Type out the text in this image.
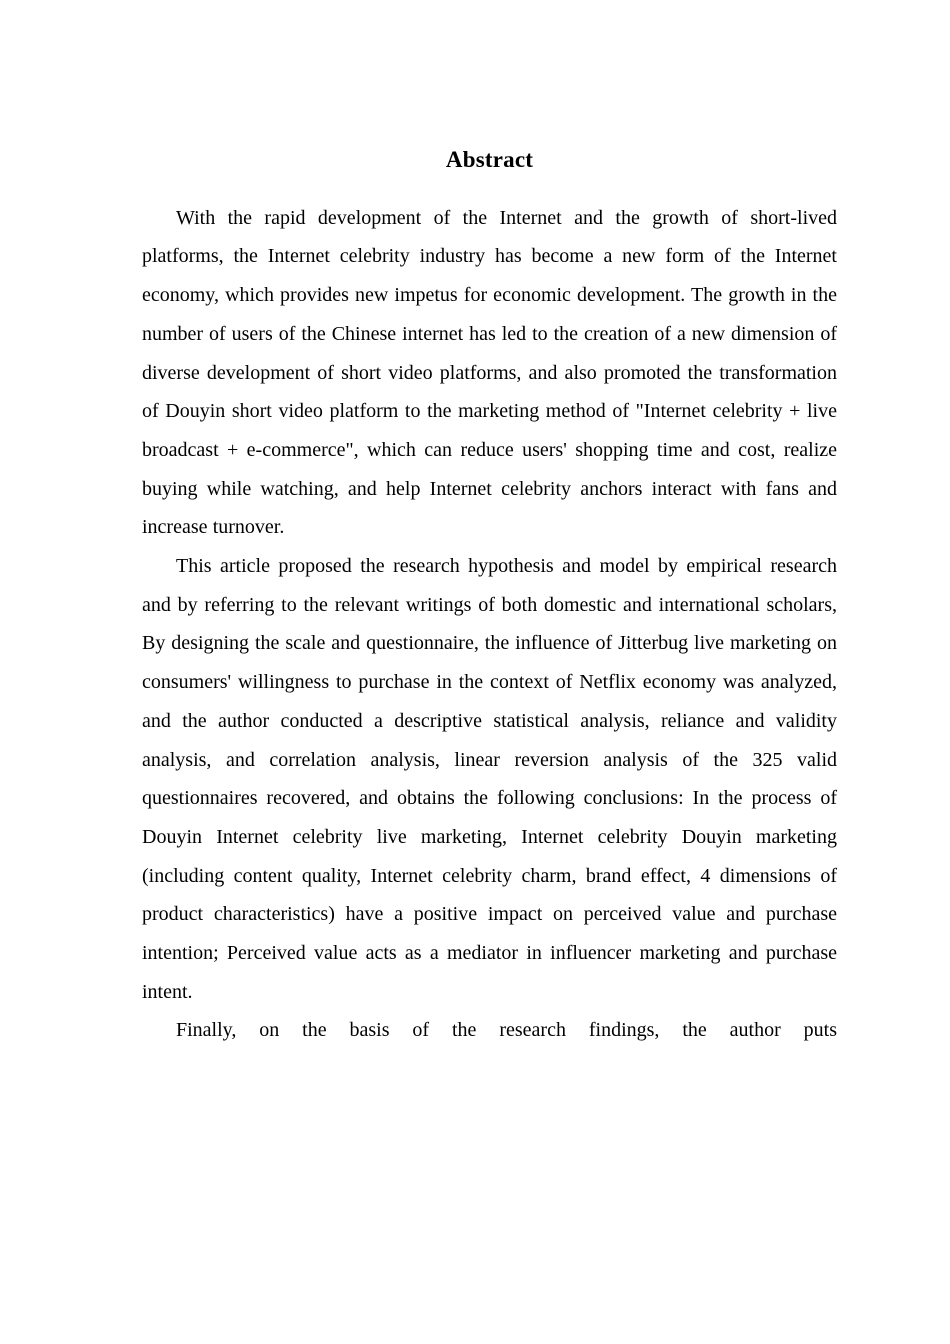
Abstract

With the rapid development of the Internet and the growth of short-lived platforms, the Internet celebrity industry has become a new form of the Internet economy, which provides new impetus for economic development. The growth in the number of users of the Chinese internet has led to the creation of a new dimension of diverse development of short video platforms, and also promoted the transformation of Douyin short video platform to the marketing method of "Internet celebrity + live broadcast + e-commerce", which can reduce users' shopping time and cost, realize buying while watching, and help Internet celebrity anchors interact with fans and increase turnover.

This article proposed the research hypothesis and model by empirical research and by referring to the relevant writings of both domestic and international scholars, By designing the scale and questionnaire, the influence of Jitterbug live marketing on consumers' willingness to purchase in the context of Netflix economy was analyzed, and the author conducted a descriptive statistical analysis, reliance and validity analysis, and correlation analysis, linear reversion analysis of the 325 valid questionnaires recovered, and obtains the following conclusions: In the process of Douyin Internet celebrity live marketing, Internet celebrity Douyin marketing (including content quality, Internet celebrity charm, brand effect, 4 dimensions of product characteristics) have a positive impact on perceived value and purchase intention; Perceived value acts as a mediator in influencer marketing and purchase intent.

Finally, on the basis of the research findings, the author puts
